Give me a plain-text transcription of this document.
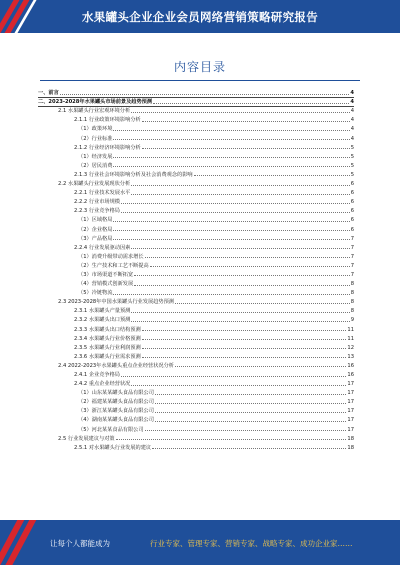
水果罐头企业企业会员网络营销策略研究报告
内容目录
一、前言	4
二、2023-2028年水果罐头市场前景及趋势预测	4
2.1 水果罐头行业宏观环境分析	4
2.1.1 行业政策环境影响分析	4
（1）政策环境	4
（2）行业标准	4
2.1.2 行业经济环境影响分析	5
（1）经济发展	5
（2）居民消费	5
2.1.3 行业社会环境影响分析及社会消费观念的影响	5
2.2 水果罐头行业发展现状分析	6
2.2.1 行业技术发展水平	6
2.2.2 行业市场规模	6
2.2.3 行业竞争格局	6
（1）区域格局	6
（2）企业格局	6
（3）产品格局	7
2.2.4 行业发展驱动因素	7
（1）消费升级带动需求增长	7
（2）生产技术和工艺不断提高	7
（3）市场渠道不断拓宽	7
（4）营销模式创新发展	8
（5）冷链物流	8
2.3 2023-2028年中国水果罐头行业发展趋势预测	8
2.3.1 水果罐头产量预测	8
2.3.2 水果罐头出口预测	9
2.3.3 水果罐头出口结构预测	11
2.3.4 水果罐头行业价格预测	11
2.3.5 水果罐头行业利润预测	12
2.3.6 水果罐头行业需求预测	13
2.4 2022-2023年水果罐头重点企业经营状况分析	16
2.4.1 企业竞争格局	16
2.4.2 重点企业经营状况	17
（1）山东某某罐头食品有限公司	17
（2）福建某某罐头食品有限公司	17
（3）浙江某某罐头食品有限公司	17
（4）湖南某某罐头食品有限公司	17
（5）河北某某食品有限公司	17
2.5 行业发展建议与对策	18
2.5.1 对水果罐头行业发展的建议	18
让每个人都能成为	行业专家、管理专家、营销专家、战略专家、成功企业家……
